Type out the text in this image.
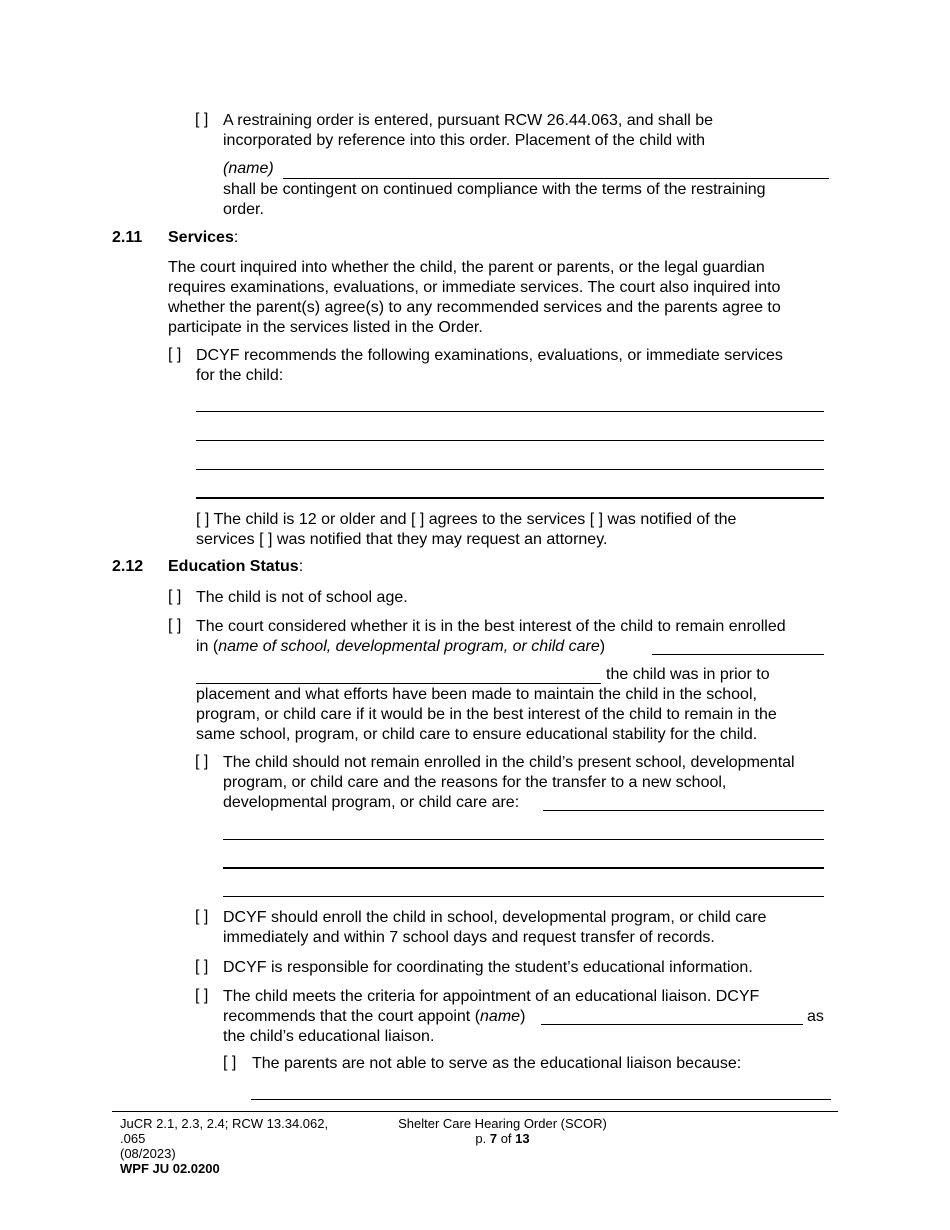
[ ] A restraining order is entered, pursuant RCW 26.44.063, and shall be

incorporated by reference into this order. Placement of the child with

(name)

shall be contingent on continued compliance with the terms of the restraining

order.

2.11 Services:

The court inquired into whether the child, the parent or parents, or the legal guardian

requires examinations, evaluations, or immediate services. The court also inquired into

whether the parent(s) agree(s) to any recommended services and the parents agree to

participate in the services listed in the Order.

[ ] DCYF recommends the following examinations, evaluations, or immediate services

for the child:

[ ] The child is 12 or older and [ ] agrees to the services [ ] was notified of the

services [ ] was notified that they may request an attorney.

2.12 Education Status:
[ ] The child is not of school age.

[ ] The court considered whether it is in the best interest of the child to remain enrolled

in (name of school, developmental program, or child care)

the child was in prior to

placement and what efforts have been made to maintain the child in the school,

program, or child care if it would be in the best interest of the child to remain in the

same school, program, or child care to ensure educational stability for the child.

[ ] The child should not remain enrolled in the child’s present school, developmental

program, or child care and the reasons for the transfer to a new school,

developmental program, or child care are:

[ ] DCYF should enroll the child in school, developmental program, or child care

immediately and within 7 school days and request transfer of records.

[ ] DCYF is responsible for coordinating the student’s educational information.

[ ] The child meets the criteria for appointment of an educational liaison. DCYF

recommends that the court appoint (name)

the child’s educational liaison.

as

[ ] The parents are not able to serve as the educational liaison because:

JuCR 2.1, 2.3, 2.4; RCW 13.34.062,
.065
(08/2023)
WPF JU 02.0200
Shelter Care Hearing Order (SCOR)
p. 7 of 13
